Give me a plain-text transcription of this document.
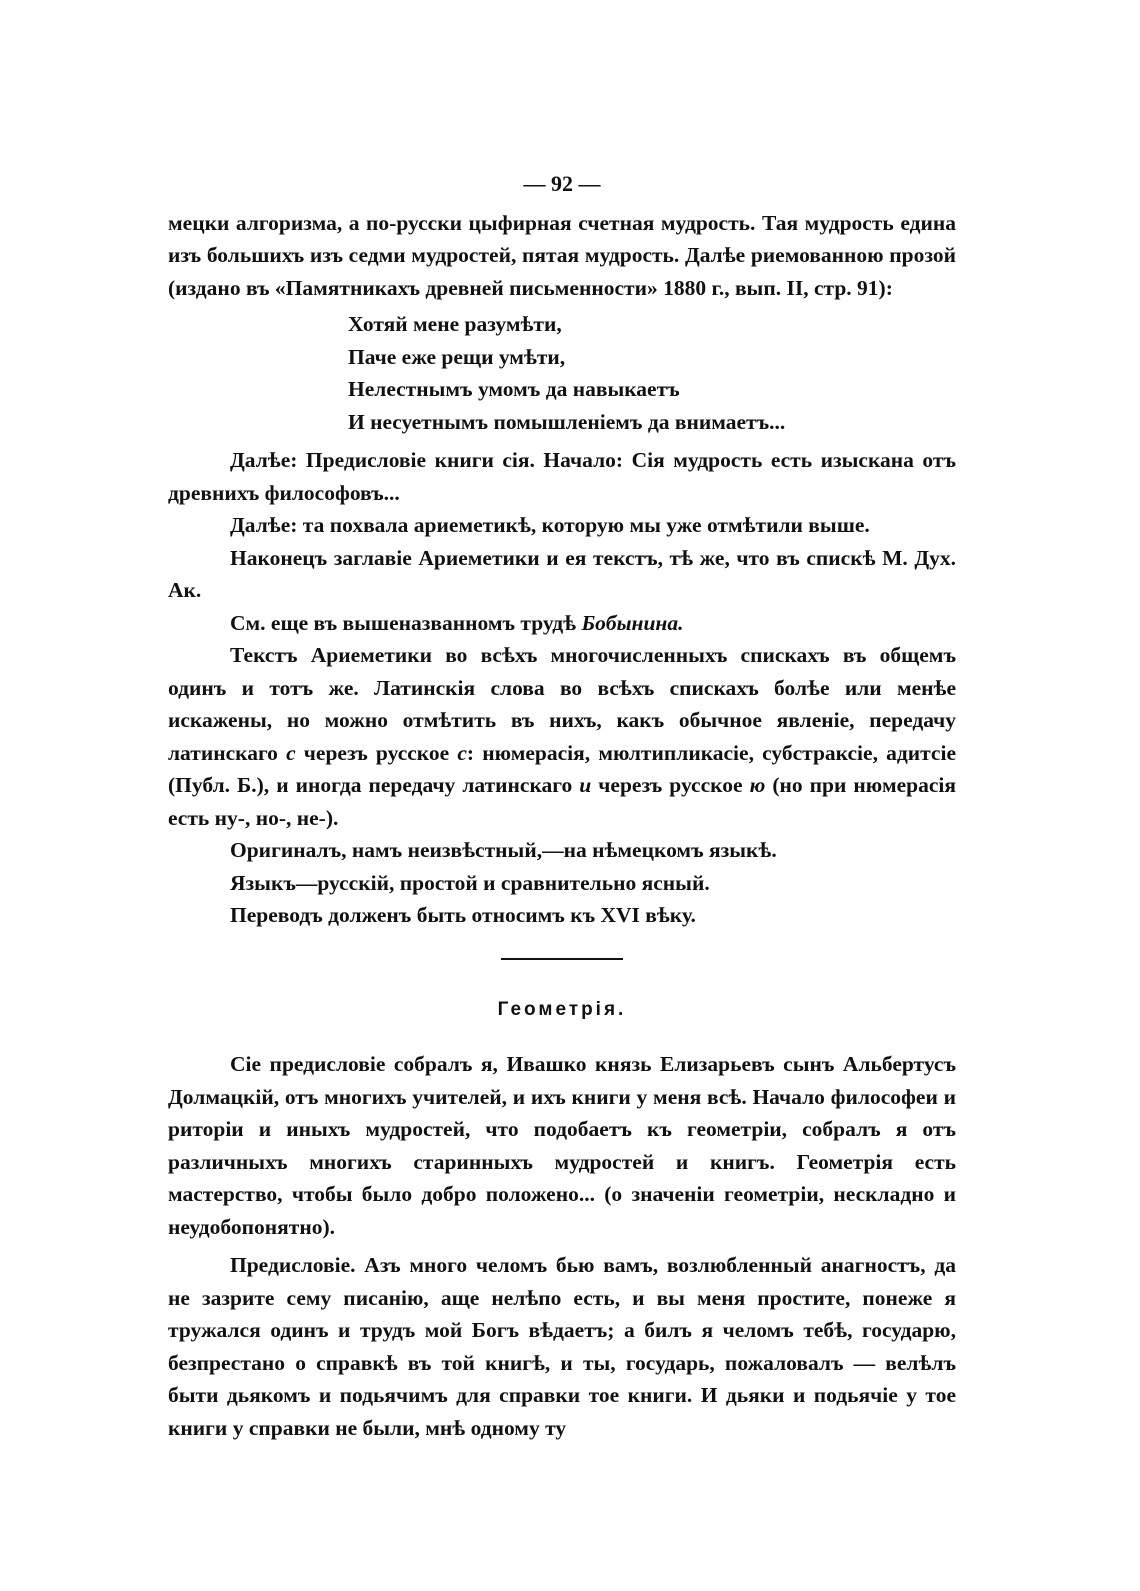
— 92 —

мецки алгоризма, а по-русски цыфирная счетная мудрость. Тая мудрость едина изъ большихъ изъ седми мудростей, пятая мудрость. Далѣе риемованною прозой (издано въ «Памятникахъ древней письменности» 1880 г., вып. II, стр. 91):

Хотяй мене разумѣти,
Паче еже рещи умѣти,
Нелестнымъ умомъ да навыкаетъ
И несуетнымъ помышленіемъ да внимаетъ...

Далѣе: Предисловіе книги сія. Начало: Сія мудрость есть изыскана отъ древнихъ философовъ...

Далѣе: та похвала ариеметикѣ, которую мы уже отмѣтили выше.

Наконецъ заглавіе Ариеметики и ея текстъ, тѣ же, что въ спискѣ М. Дух. Ак.

См. еще въ вышеназванномъ трудѣ Бобынина.

Текстъ Ариеметики во всѣхъ многочисленныхъ спискахъ въ общемъ одинъ и тотъ же. Латинскія слова во всѣхъ спискахъ болѣе или менѣе искажены, но можно отмѣтить въ нихъ, какъ обычное явленіе, передачу латинскаго с черезъ русское с: нюмерасія, мюлтипликасіе, субстраксіе, адитсіе (Публ. Б.), и иногда передачу латинскаго u черезъ русское ю (но при нюмерасія есть ну-, но-, не-).

Оригиналъ, намъ неизвѣстный,—на нѣмецкомъ языкѣ.

Языкъ—русскій, простой и сравнительно ясный.

Переводъ долженъ быть относимъ къ XVI вѣку.

Геометрія.

Сіе предисловіе собралъ я, Ивашко князь Елизарьевъ сынъ Альбертусъ Долмацкій, отъ многихъ учителей, и ихъ книги у меня всѣ. Начало философеи и риторіи и иныхъ мудростей, что подобаетъ къ геометріи, собралъ я отъ различныхъ многихъ старинныхъ мудростей и книгъ. Геометрія есть мастерство, чтобы было добро положено... (о значеніи геометріи, нескладно и неудобопонятно).

Предисловіе. Азъ много челомъ бью вамъ, возлюбленный анагностъ, да не зазрите сему писанію, аще нелѣпо есть, и вы меня простите, понеже я тружался одинъ и трудъ мой Богъ вѣдаетъ; а билъ я челомъ тебѣ, государю, безпрестано о справкѣ въ той книгѣ, и ты, государь, пожаловалъ — велѣлъ быти дьякомъ и подьячимъ для справки тое книги. И дьяки и подьячіе у тое книги у справки не были, мнѣ одному ту
